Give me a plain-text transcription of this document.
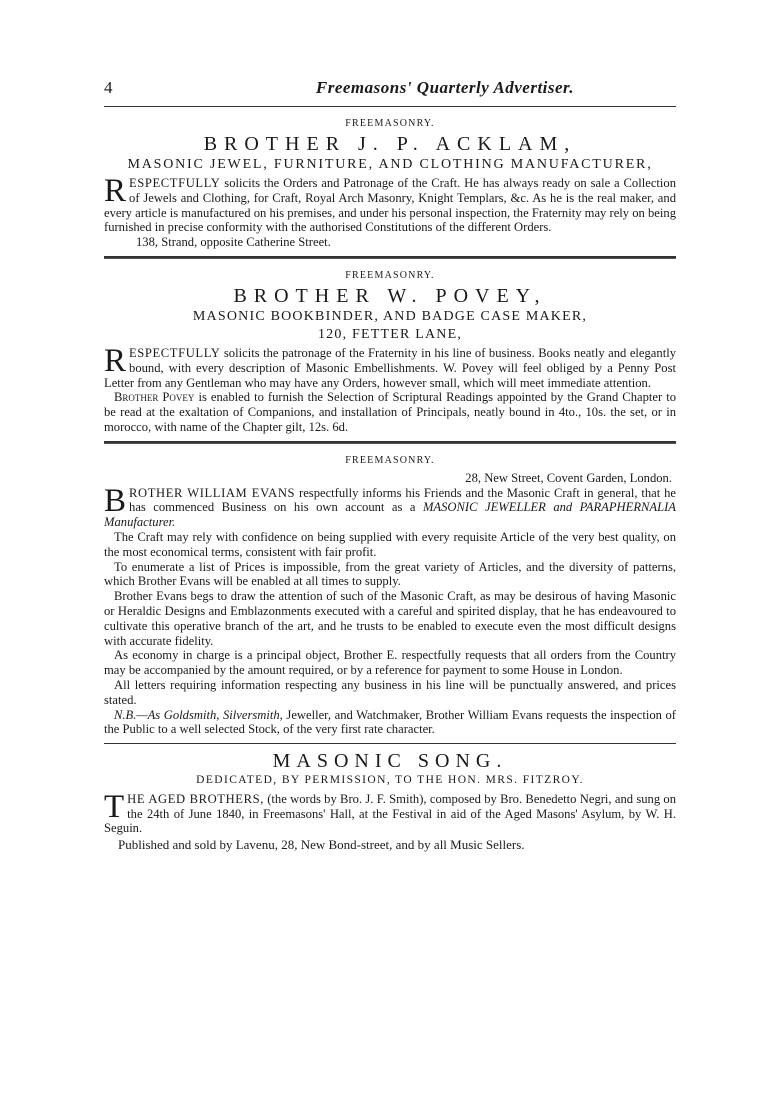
4	Freemasons' Quarterly Advertiser.

FREEMASONRY.

BROTHER J. P. ACKLAM,

MASONIC JEWEL, FURNITURE, AND CLOTHING MANUFACTURER,

RESPECTFULLY solicits the Orders and Patronage of the Craft. He has always ready on sale a Collection of Jewels and Clothing, for Craft, Royal Arch Masonry, Knight Templars, &c. As he is the real maker, and every article is manufactured on his premises, and under his personal inspection, the Fraternity may rely on being furnished in precise conformity with the authorised Constitutions of the different Orders.

138, Strand, opposite Catherine Street.

FREEMASONRY.

BROTHER W. POVEY,

MASONIC BOOKBINDER, AND BADGE CASE MAKER,

120, FETTER LANE,

RESPECTFULLY solicits the patronage of the Fraternity in his line of business. Books neatly and elegantly bound, with every description of Masonic Embellishments. W. Povey will feel obliged by a Penny Post Letter from any Gentleman who may have any Orders, however small, which will meet immediate attention.

Brother Povey is enabled to furnish the Selection of Scriptural Readings appointed by the Grand Chapter to be read at the exaltation of Companions, and installation of Principals, neatly bound in 4to., 10s. the set, or in morocco, with name of the Chapter gilt, 12s. 6d.

FREEMASONRY.

28, New Street, Covent Garden, London.

BROTHER WILLIAM EVANS respectfully informs his Friends and the Masonic Craft in general, that he has commenced Business on his own account as a MASONIC JEWELLER and PARAPHERNALIA Manufacturer.

The Craft may rely with confidence on being supplied with every requisite Article of the very best quality, on the most economical terms, consistent with fair profit.

To enumerate a list of Prices is impossible, from the great variety of Articles, and the diversity of patterns, which Brother Evans will be enabled at all times to supply.

Brother Evans begs to draw the attention of such of the Masonic Craft, as may be desirous of having Masonic or Heraldic Designs and Emblazonments executed with a careful and spirited display, that he has endeavoured to cultivate this operative branch of the art, and he trusts to be enabled to execute even the most difficult designs with accurate fidelity.

As economy in charge is a principal object, Brother E. respectfully requests that all orders from the Country may be accompanied by the amount required, or by a reference for payment to some House in London.

All letters requiring information respecting any business in his line will be punctually answered, and prices stated.

N.B.—As Goldsmith, Silversmith, Jeweller, and Watchmaker, Brother William Evans requests the inspection of the Public to a well selected Stock, of the very first rate character.

MASONIC SONG.

DEDICATED, BY PERMISSION, TO THE HON. MRS. FITZROY.

THE AGED BROTHERS, (the words by Bro. J. F. Smith), composed by Bro. Benedetto Negri, and sung on the 24th of June 1840, in Freemasons' Hall, at the Festival in aid of the Aged Masons' Asylum, by W. H. Seguin.

Published and sold by Lavenu, 28, New Bond-street, and by all Music Sellers.
